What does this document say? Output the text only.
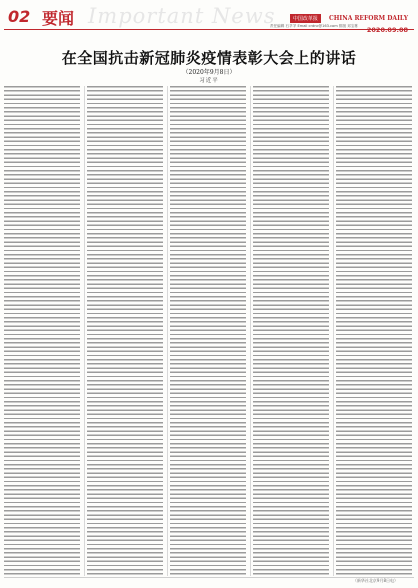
02 要闻 Important News	中国改革报 CHINA REFORM DAILY
2020.09.08
责任编辑 石芊芊 Email crdnc@163.com 排版 邓宝栋
在全国抗击新冠肺炎疫情表彰大会上的讲话
（2020年9月8日）
习近平
（新华社北京9月8日电）
